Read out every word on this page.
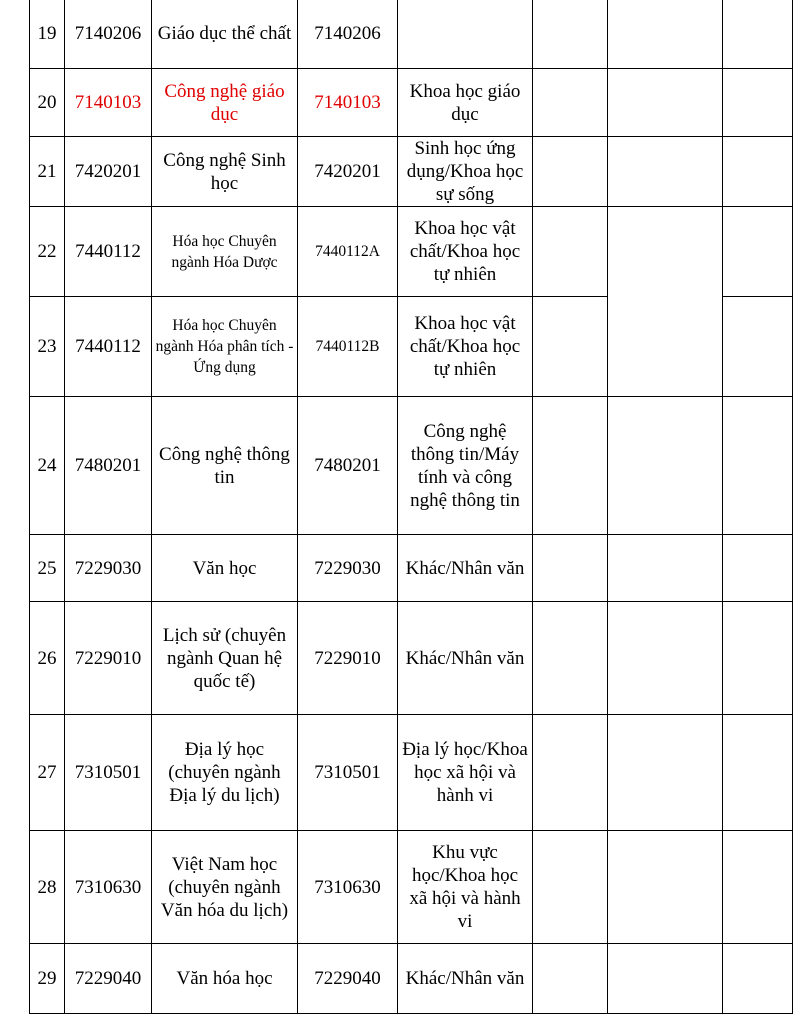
19	7140206	Giáo dục thể chất	7140206				
20	7140103	Công nghệ giáo dục	7140103	Khoa học giáo dục			
21	7420201	Công nghệ Sinh học	7420201	Sinh học ứng dụng/Khoa học sự sống			
22	7440112	Hóa học Chuyên ngành Hóa Dược	7440112A	Khoa học vật chất/Khoa học tự nhiên			
23	7440112	Hóa học Chuyên ngành Hóa phân tích - Ứng dụng	7440112B	Khoa học vật chất/Khoa học tự nhiên			
24	7480201	Công nghệ thông tin	7480201	Công nghệ thông tin/Máy tính và công nghệ thông tin			
25	7229030	Văn học	7229030	Khác/Nhân văn			
26	7229010	Lịch sử (chuyên ngành Quan hệ quốc tế)	7229010	Khác/Nhân văn			
27	7310501	Địa lý học (chuyên ngành Địa lý du lịch)	7310501	Địa lý học/Khoa học xã hội và hành vi			
28	7310630	Việt Nam học (chuyên ngành Văn hóa du lịch)	7310630	Khu vực học/Khoa học xã hội và hành vi			
29	7229040	Văn hóa học	7229040	Khác/Nhân văn			
